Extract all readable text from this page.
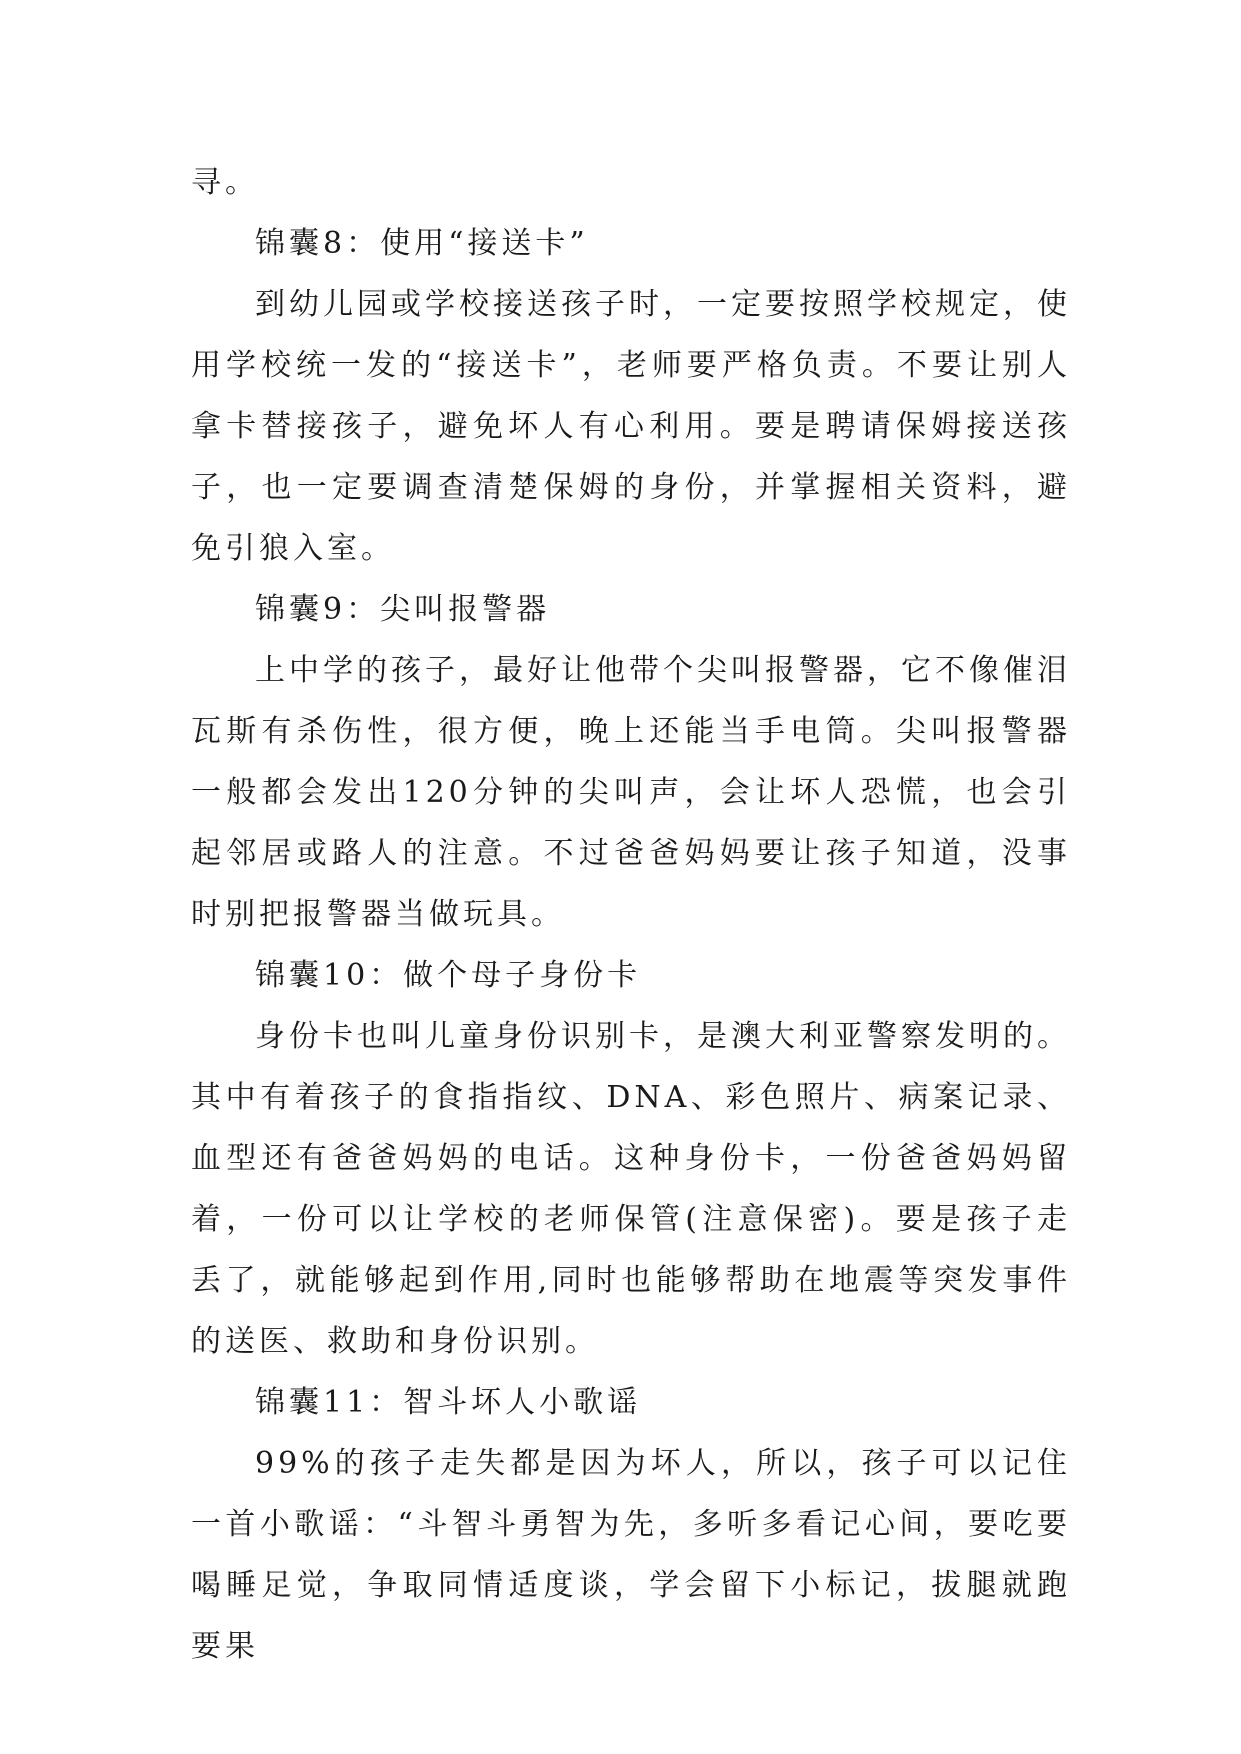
寻。

锦囊8：使用“接送卡”

到幼儿园或学校接送孩子时，一定要按照学校规定，使用学校统一发的“接送卡”，老师要严格负责。不要让别人拿卡替接孩子，避免坏人有心利用。要是聘请保姆接送孩子，也一定要调查清楚保姆的身份，并掌握相关资料，避免引狼入室。

锦囊9：尖叫报警器

上中学的孩子，最好让他带个尖叫报警器，它不像催泪瓦斯有杀伤性，很方便，晚上还能当手电筒。尖叫报警器一般都会发出120分钟的尖叫声，会让坏人恐慌，也会引起邻居或路人的注意。不过爸爸妈妈要让孩子知道，没事时别把报警器当做玩具。

锦囊10：做个母子身份卡

身份卡也叫儿童身份识别卡，是澳大利亚警察发明的。其中有着孩子的食指指纹、DNA、彩色照片、病案记录、血型还有爸爸妈妈的电话。这种身份卡，一份爸爸妈妈留着，一份可以让学校的老师保管(注意保密)。要是孩子走丢了，就能够起到作用,同时也能够帮助在地震等突发事件的送医、救助和身份识别。

锦囊11：智斗坏人小歌谣

99%的孩子走失都是因为坏人，所以，孩子可以记住一首小歌谣：“斗智斗勇智为先，多听多看记心间，要吃要喝睡足觉，争取同情适度谈，学会留下小标记，拔腿就跑要果
